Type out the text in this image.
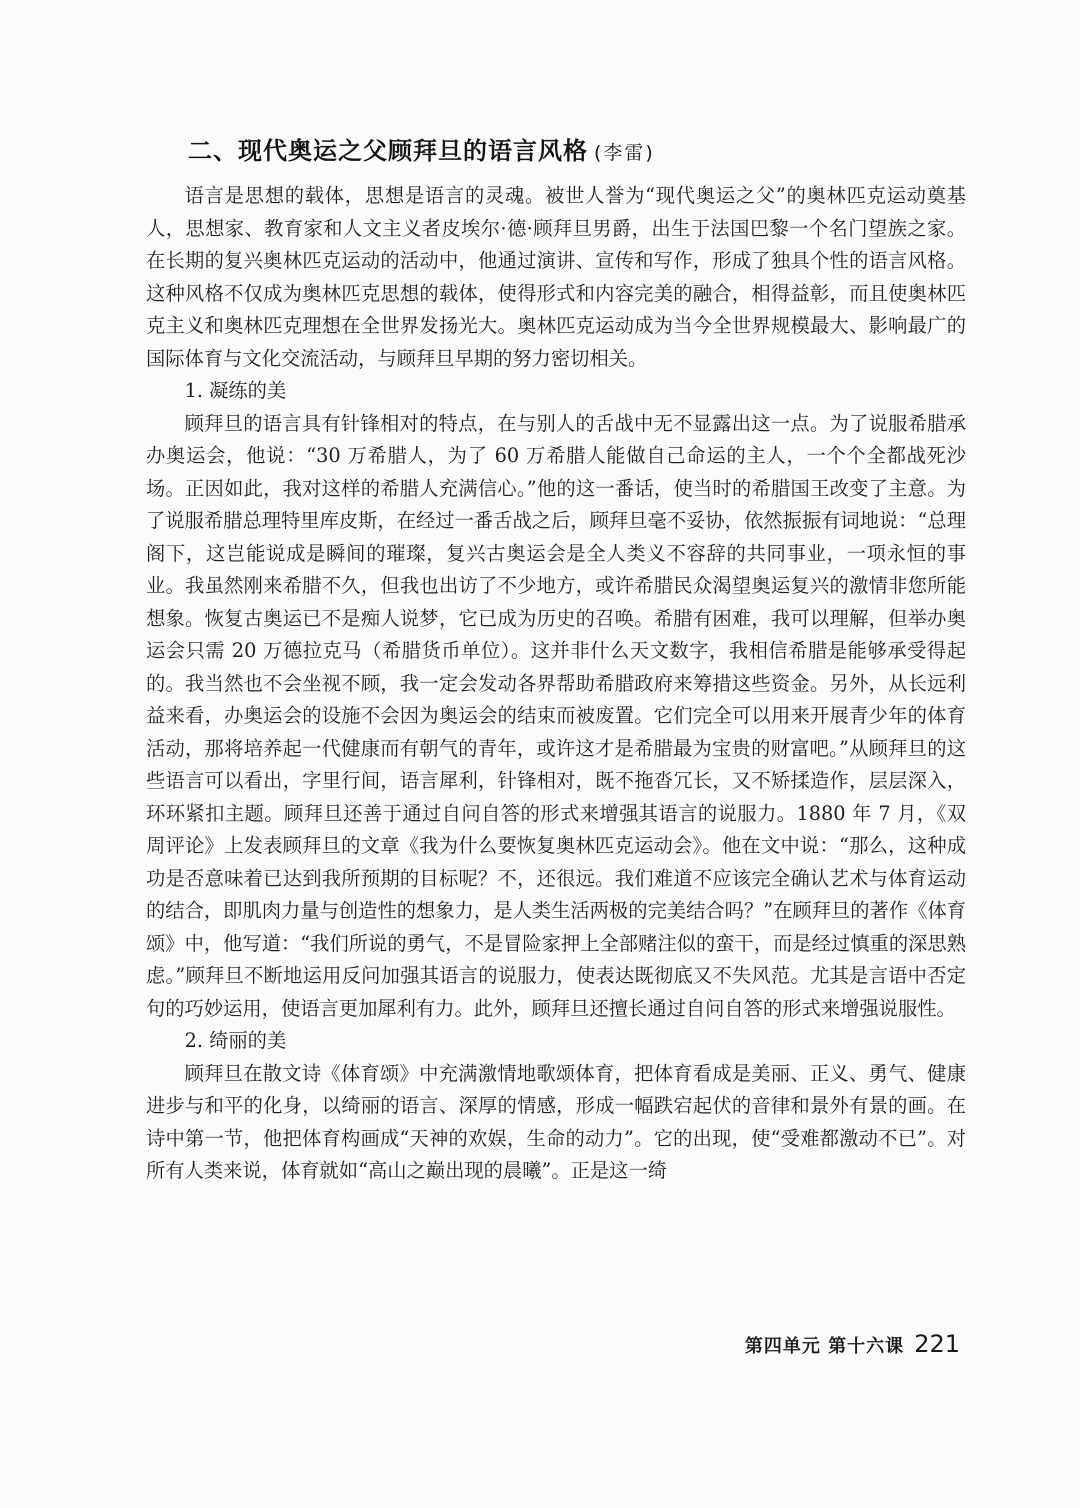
二、现代奥运之父顾拜旦的语言风格 (李雷)

语言是思想的载体，思想是语言的灵魂。被世人誉为“现代奥运之父”的奥林匹克运动奠基人，思想家、教育家和人文主义者皮埃尔·德·顾拜旦男爵，出生于法国巴黎一个名门望族之家。在长期的复兴奥林匹克运动的活动中，他通过演讲、宣传和写作，形成了独具个性的语言风格。这种风格不仅成为奥林匹克思想的载体，使得形式和内容完美的融合，相得益彰，而且使奥林匹克主义和奥林匹克理想在全世界发扬光大。奥林匹克运动成为当今全世界规模最大、影响最广的国际体育与文化交流活动，与顾拜旦早期的努力密切相关。

1. 凝练的美

顾拜旦的语言具有针锋相对的特点，在与别人的舌战中无不显露出这一点。为了说服希腊承办奥运会，他说：“30 万希腊人，为了 60 万希腊人能做自己命运的主人，一个个全都战死沙场。正因如此，我对这样的希腊人充满信心。”他的这一番话，使当时的希腊国王改变了主意。为了说服希腊总理特里库皮斯，在经过一番舌战之后，顾拜旦毫不妥协，依然振振有词地说：“总理阁下，这岂能说成是瞬间的璀璨，复兴古奥运会是全人类义不容辞的共同事业，一项永恒的事业。我虽然刚来希腊不久，但我也出访了不少地方，或许希腊民众渴望奥运复兴的激情非您所能想象。恢复古奥运已不是痴人说梦，它已成为历史的召唤。希腊有困难，我可以理解，但举办奥运会只需 20 万德拉克马（希腊货币单位）。这并非什么天文数字，我相信希腊是能够承受得起的。我当然也不会坐视不顾，我一定会发动各界帮助希腊政府来筹措这些资金。另外，从长远利益来看，办奥运会的设施不会因为奥运会的结束而被废置。它们完全可以用来开展青少年的体育活动，那将培养起一代健康而有朝气的青年，或许这才是希腊最为宝贵的财富吧。”从顾拜旦的这些语言可以看出，字里行间，语言犀利，针锋相对，既不拖沓冗长，又不矫揉造作，层层深入，环环紧扣主题。顾拜旦还善于通过自问自答的形式来增强其语言的说服力。1880 年 7 月，《双周评论》上发表顾拜旦的文章《我为什么要恢复奥林匹克运动会》。他在文中说：“那么，这种成功是否意味着已达到我所预期的目标呢？不，还很远。我们难道不应该完全确认艺术与体育运动的结合，即肌肉力量与创造性的想象力，是人类生活两极的完美结合吗？”在顾拜旦的著作《体育颂》中，他写道：“我们所说的勇气，不是冒险家押上全部赌注似的蛮干，而是经过慎重的深思熟虑。”顾拜旦不断地运用反问加强其语言的说服力，使表达既彻底又不失风范。尤其是言语中否定句的巧妙运用，使语言更加犀利有力。此外，顾拜旦还擅长通过自问自答的形式来增强说服性。

2. 绮丽的美

顾拜旦在散文诗《体育颂》中充满激情地歌颂体育，把体育看成是美丽、正义、勇气、健康进步与和平的化身，以绮丽的语言、深厚的情感，形成一幅跌宕起伏的音律和景外有景的画。在诗中第一节，他把体育构画成“天神的欢娱，生命的动力”。它的出现，使“受难都激动不已”。对所有人类来说，体育就如“高山之巅出现的晨曦”。正是这一绮

第四单元 第十六课 221
